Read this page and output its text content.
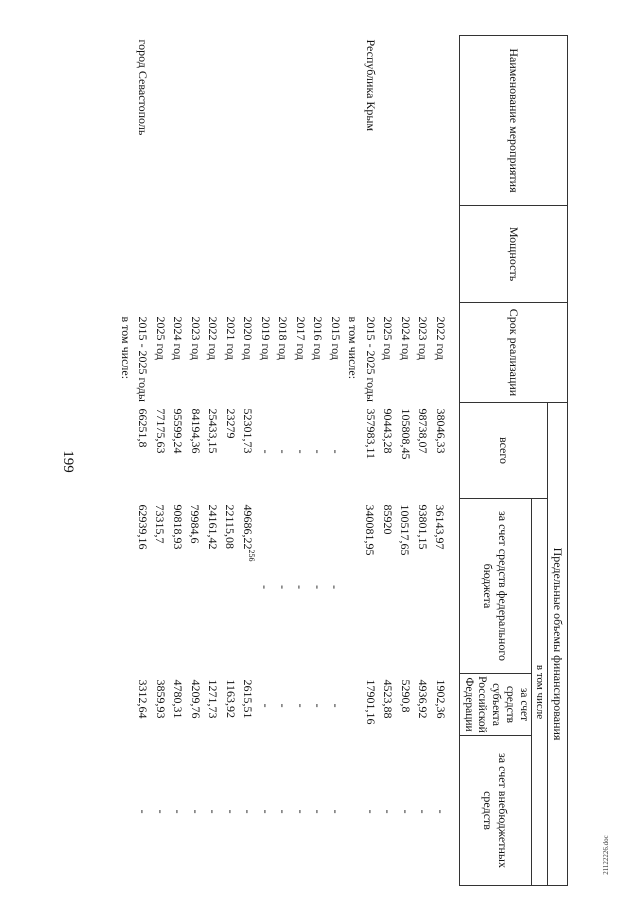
199
21122226.doc
Наименование мероприятия	Мощность	Срок реализации	Предельные объемы финансирования			
			всего	в том числе		
				за счет средств федерального бюджета	за счет средств субъекта Российской Федерации	за счет внебюджетных средств
		2022 год	38046,33	36143,97	1902,36	-
		2023 год	98738,07	93801,15	4936,92	-
		2024 год	105808,45	100517,65	5290,8	-
		2025 год	90443,28	85920	4523,88	-
Республика Крым		2015 - 2025 годы	357983,11	340081,95	17901,16	-
		в том числе:				
		2015 год	-	-	-	-
		2016 год	-	-	-	-
		2017 год	-	-	-	-
		2018 год	-	-	-	-
		2019 год	-	-	-	-
		2020 год	52301,73	49686,22$^{256}$	2615,51	-
		2021 год	23279	22115,08	1163,92	-
		2022 год	25433,15	24161,42	1271,73	-
		2023 год	84194,36	79984,6	4209,76	-
		2024 год	95599,24	90818,93	4780,31	-
		2025 год	77175,63	73315,7	3859,93	-
город Севастополь		2015 - 2025 годы	66251,8	62939,16	3312,64	-
		в том числе:				
